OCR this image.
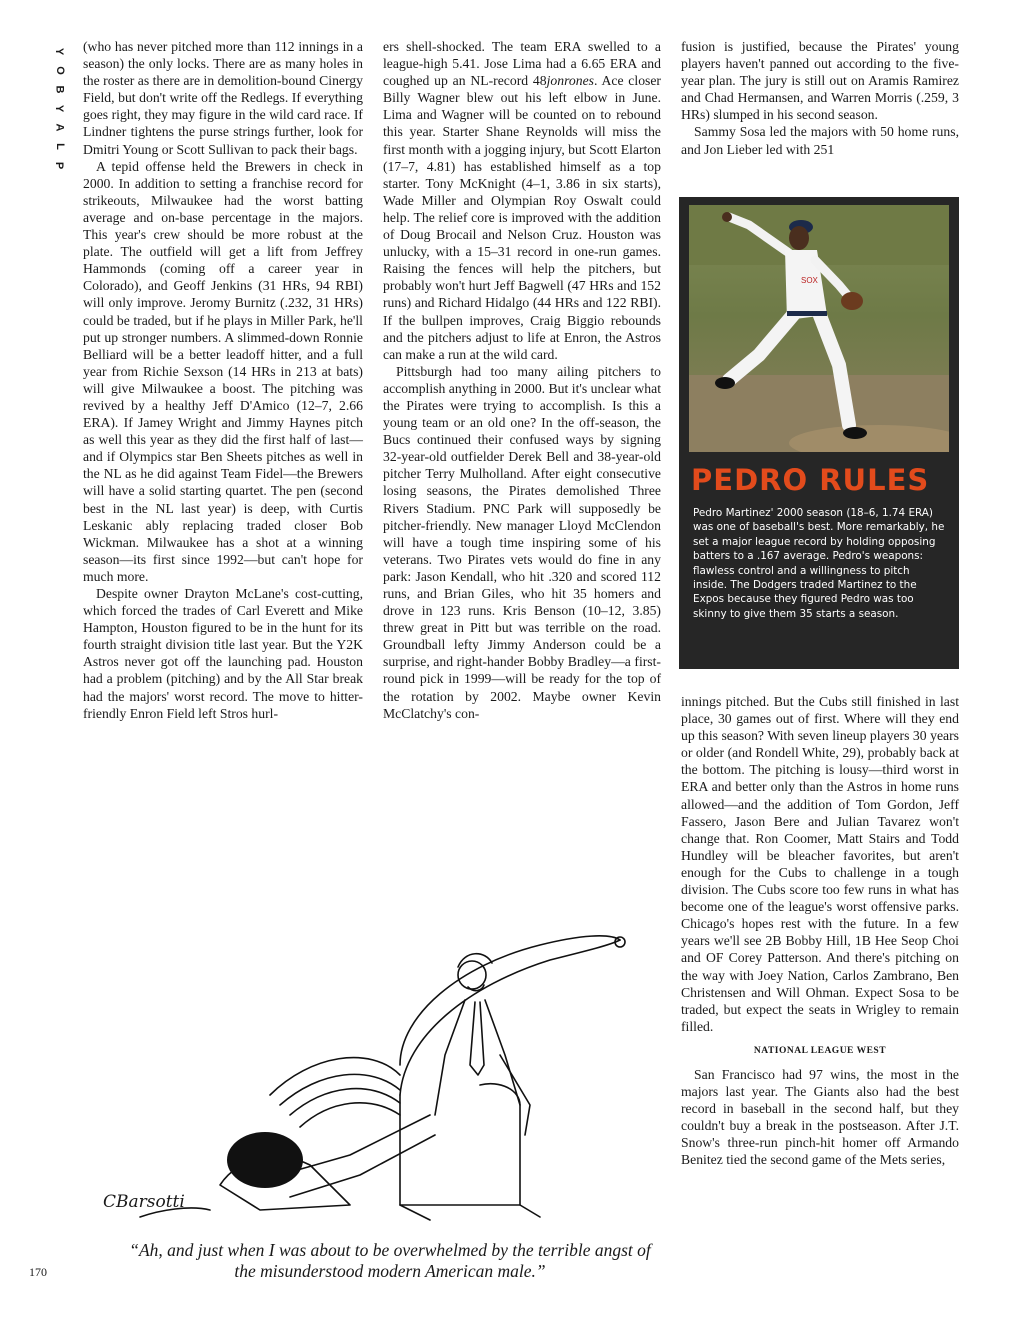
Y
O
B
Y
A
L
P

(who has never pitched more than 112 innings in a season) the only locks. There are as many holes in the roster as there are in demolition-bound Cinergy Field, but don't write off the Redlegs. If everything goes right, they may figure in the wild card race. If Lindner tightens the purse strings further, look for Dmitri Young or Scott Sullivan to pack their bags.

A tepid offense held the Brewers in check in 2000. In addition to setting a franchise record for strikeouts, Milwaukee had the worst batting average and on-base percentage in the majors. This year's crew should be more robust at the plate. The outfield will get a lift from Jeffrey Hammonds (coming off a career year in Colorado), and Geoff Jenkins (31 HRs, 94 RBI) will only improve. Jeromy Burnitz (.232, 31 HRs) could be traded, but if he plays in Miller Park, he'll put up stronger numbers. A slimmed-down Ronnie Belliard will be a better leadoff hitter, and a full year from Richie Sexson (14 HRs in 213 at bats) will give Milwaukee a boost. The pitching was revived by a healthy Jeff D'Amico (12–7, 2.66 ERA). If Jamey Wright and Jimmy Haynes pitch as well this year as they did the first half of last—and if Olympics star Ben Sheets pitches as well in the NL as he did against Team Fidel—the Brewers will have a solid starting quartet. The pen (second best in the NL last year) is deep, with Curtis Leskanic ably replacing traded closer Bob Wickman. Milwaukee has a shot at a winning season—its first since 1992—but can't hope for much more.

Despite owner Drayton McLane's cost-cutting, which forced the trades of Carl Everett and Mike Hampton, Houston figured to be in the hunt for its fourth straight division title last year. But the Y2K Astros never got off the launching pad. Houston had a problem (pitching) and by the All Star break had the majors' worst record. The move to hitter-friendly Enron Field left Stros hurl-

ers shell-shocked. The team ERA swelled to a league-high 5.41. Jose Lima had a 6.65 ERA and coughed up an NL-record 48jonrones. Ace closer Billy Wagner blew out his left elbow in June. Lima and Wagner will be counted on to rebound this year. Starter Shane Reynolds will miss the first month with a jogging injury, but Scott Elarton (17–7, 4.81) has established himself as a top starter. Tony McKnight (4–1, 3.86 in six starts), Wade Miller and Olympian Roy Oswalt could help. The relief core is improved with the addition of Doug Brocail and Nelson Cruz. Houston was unlucky, with a 15–31 record in one-run games. Raising the fences will help the pitchers, but probably won't hurt Jeff Bagwell (47 HRs and 152 runs) and Richard Hidalgo (44 HRs and 122 RBI). If the bullpen improves, Craig Biggio rebounds and the pitchers adjust to life at Enron, the Astros can make a run at the wild card.

Pittsburgh had too many ailing pitchers to accomplish anything in 2000. But it's unclear what the Pirates were trying to accomplish. Is this a young team or an old one? In the off-season, the Bucs continued their confused ways by signing 32-year-old outfielder Derek Bell and 38-year-old pitcher Terry Mulholland. After eight consecutive losing seasons, the Pirates demolished Three Rivers Stadium. PNC Park will supposedly be pitcher-friendly. New manager Lloyd McClendon will have a tough time inspiring some of his veterans. Two Pirates vets would do fine in any park: Jason Kendall, who hit .320 and scored 112 runs, and Brian Giles, who hit 35 homers and drove in 123 runs. Kris Benson (10–12, 3.85) threw great in Pitt but was terrible on the road. Groundball lefty Jimmy Anderson could be a surprise, and right-hander Bobby Bradley—a first-round pick in 1999—will be ready for the top of the rotation by 2002. Maybe owner Kevin McClatchy's con-

fusion is justified, because the Pirates' young players haven't panned out according to the five-year plan. The jury is still out on Aramis Ramirez and Chad Hermansen, and Warren Morris (.259, 3 HRs) slumped in his second season.

Sammy Sosa led the majors with 50 home runs, and Jon Lieber led with 251

SOX
PEDRO RULES
Pedro Martinez' 2000 season (18–6, 1.74 ERA) was one of baseball's best. More remarkably, he set a major league record by holding opposing batters to a .167 average. Pedro's weapons: flawless control and a willingness to pitch inside. The Dodgers traded Martinez to the Expos because they figured Pedro was too skinny to give them 35 starts a season.

innings pitched. But the Cubs still finished in last place, 30 games out of first. Where will they end up this season? With seven lineup players 30 years or older (and Rondell White, 29), probably back at the bottom. The pitching is lousy—third worst in ERA and better only than the Astros in home runs allowed—and the addition of Tom Gordon, Jeff Fassero, Jason Bere and Julian Tavarez won't change that. Ron Coomer, Matt Stairs and Todd Hundley will be bleacher favorites, but aren't enough for the Cubs to challenge in a tough division. The Cubs score too few runs in what has become one of the league's worst offensive parks. Chicago's hopes rest with the future. In a few years we'll see 2B Bobby Hill, 1B Hee Seop Choi and OF Corey Patterson. And there's pitching on the way with Joey Nation, Carlos Zambrano, Ben Christensen and Will Ohman. Expect Sosa to be traded, but expect the seats in Wrigley to remain filled.

NATIONAL LEAGUE WEST

San Francisco had 97 wins, the most in the majors last year. The Giants also had the best record in baseball in the second half, but they couldn't buy a break in the postseason. After J.T. Snow's three-run pinch-hit homer off Armando Benitez tied the second game of the Mets series,

CBarsotti
“Ah, and just when I was about to be overwhelmed by the terrible angst of the misunderstood modern American male.”
170
